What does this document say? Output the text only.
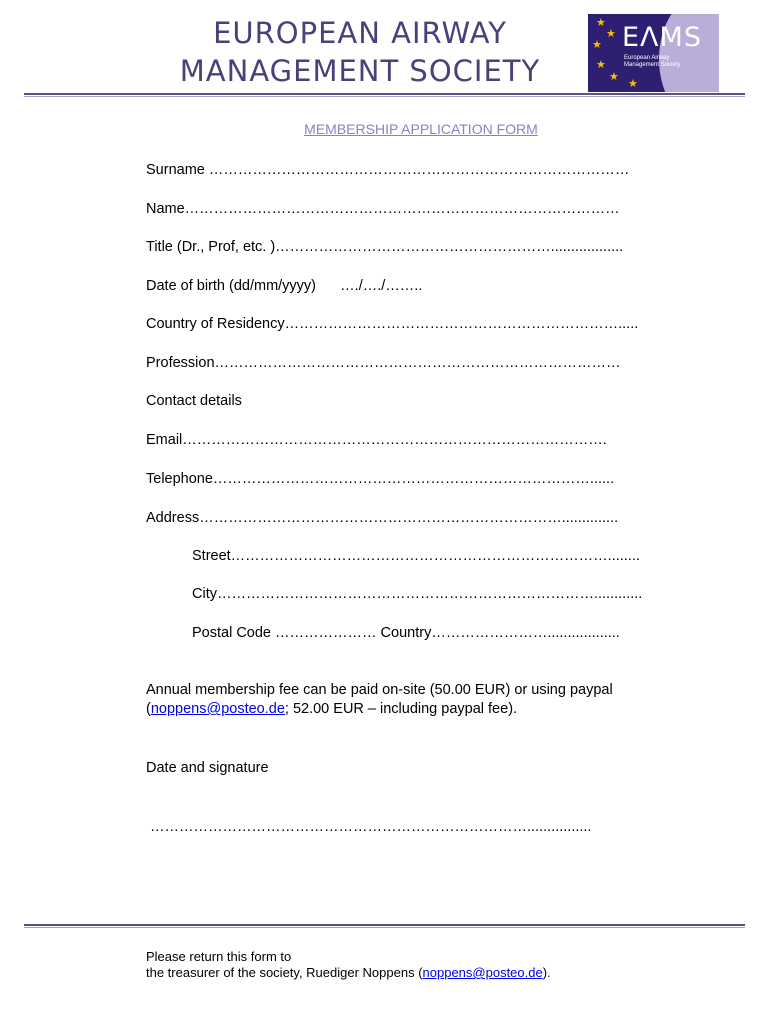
EUROPEAN AIRWAY
MANAGEMENT SOCIETY
★
★
★
★
★
★
EΛMS
European Airway Management Society
MEMBERSHIP APPLICATION FORM
Surname ……………………………………………………………………………
Name………………………………………………………………………………
Title (Dr., Prof, etc. )…………………………………………………..................
Date of birth (dd/mm/yyyy)      …./…./……..
Country of Residency…………………………………………………………….....
Profession…………………………………………………………………………
Contact details
Email…………………………………………………………………………….
Telephone……………………………………………………………………......
Address…………………………………………………………………..............
Street……………………………………………………………………........
City……………………………………………………………………............
Postal Code ………………… Country……………………..................
Annual membership fee can be paid on-site (50.00 EUR) or using paypal (noppens@posteo.de; 52.00 EUR – including paypal fee).
Date and signature
……………………………………………………………………................
Please return this form to
the treasurer of the society, Ruediger Noppens (noppens@posteo.de).
